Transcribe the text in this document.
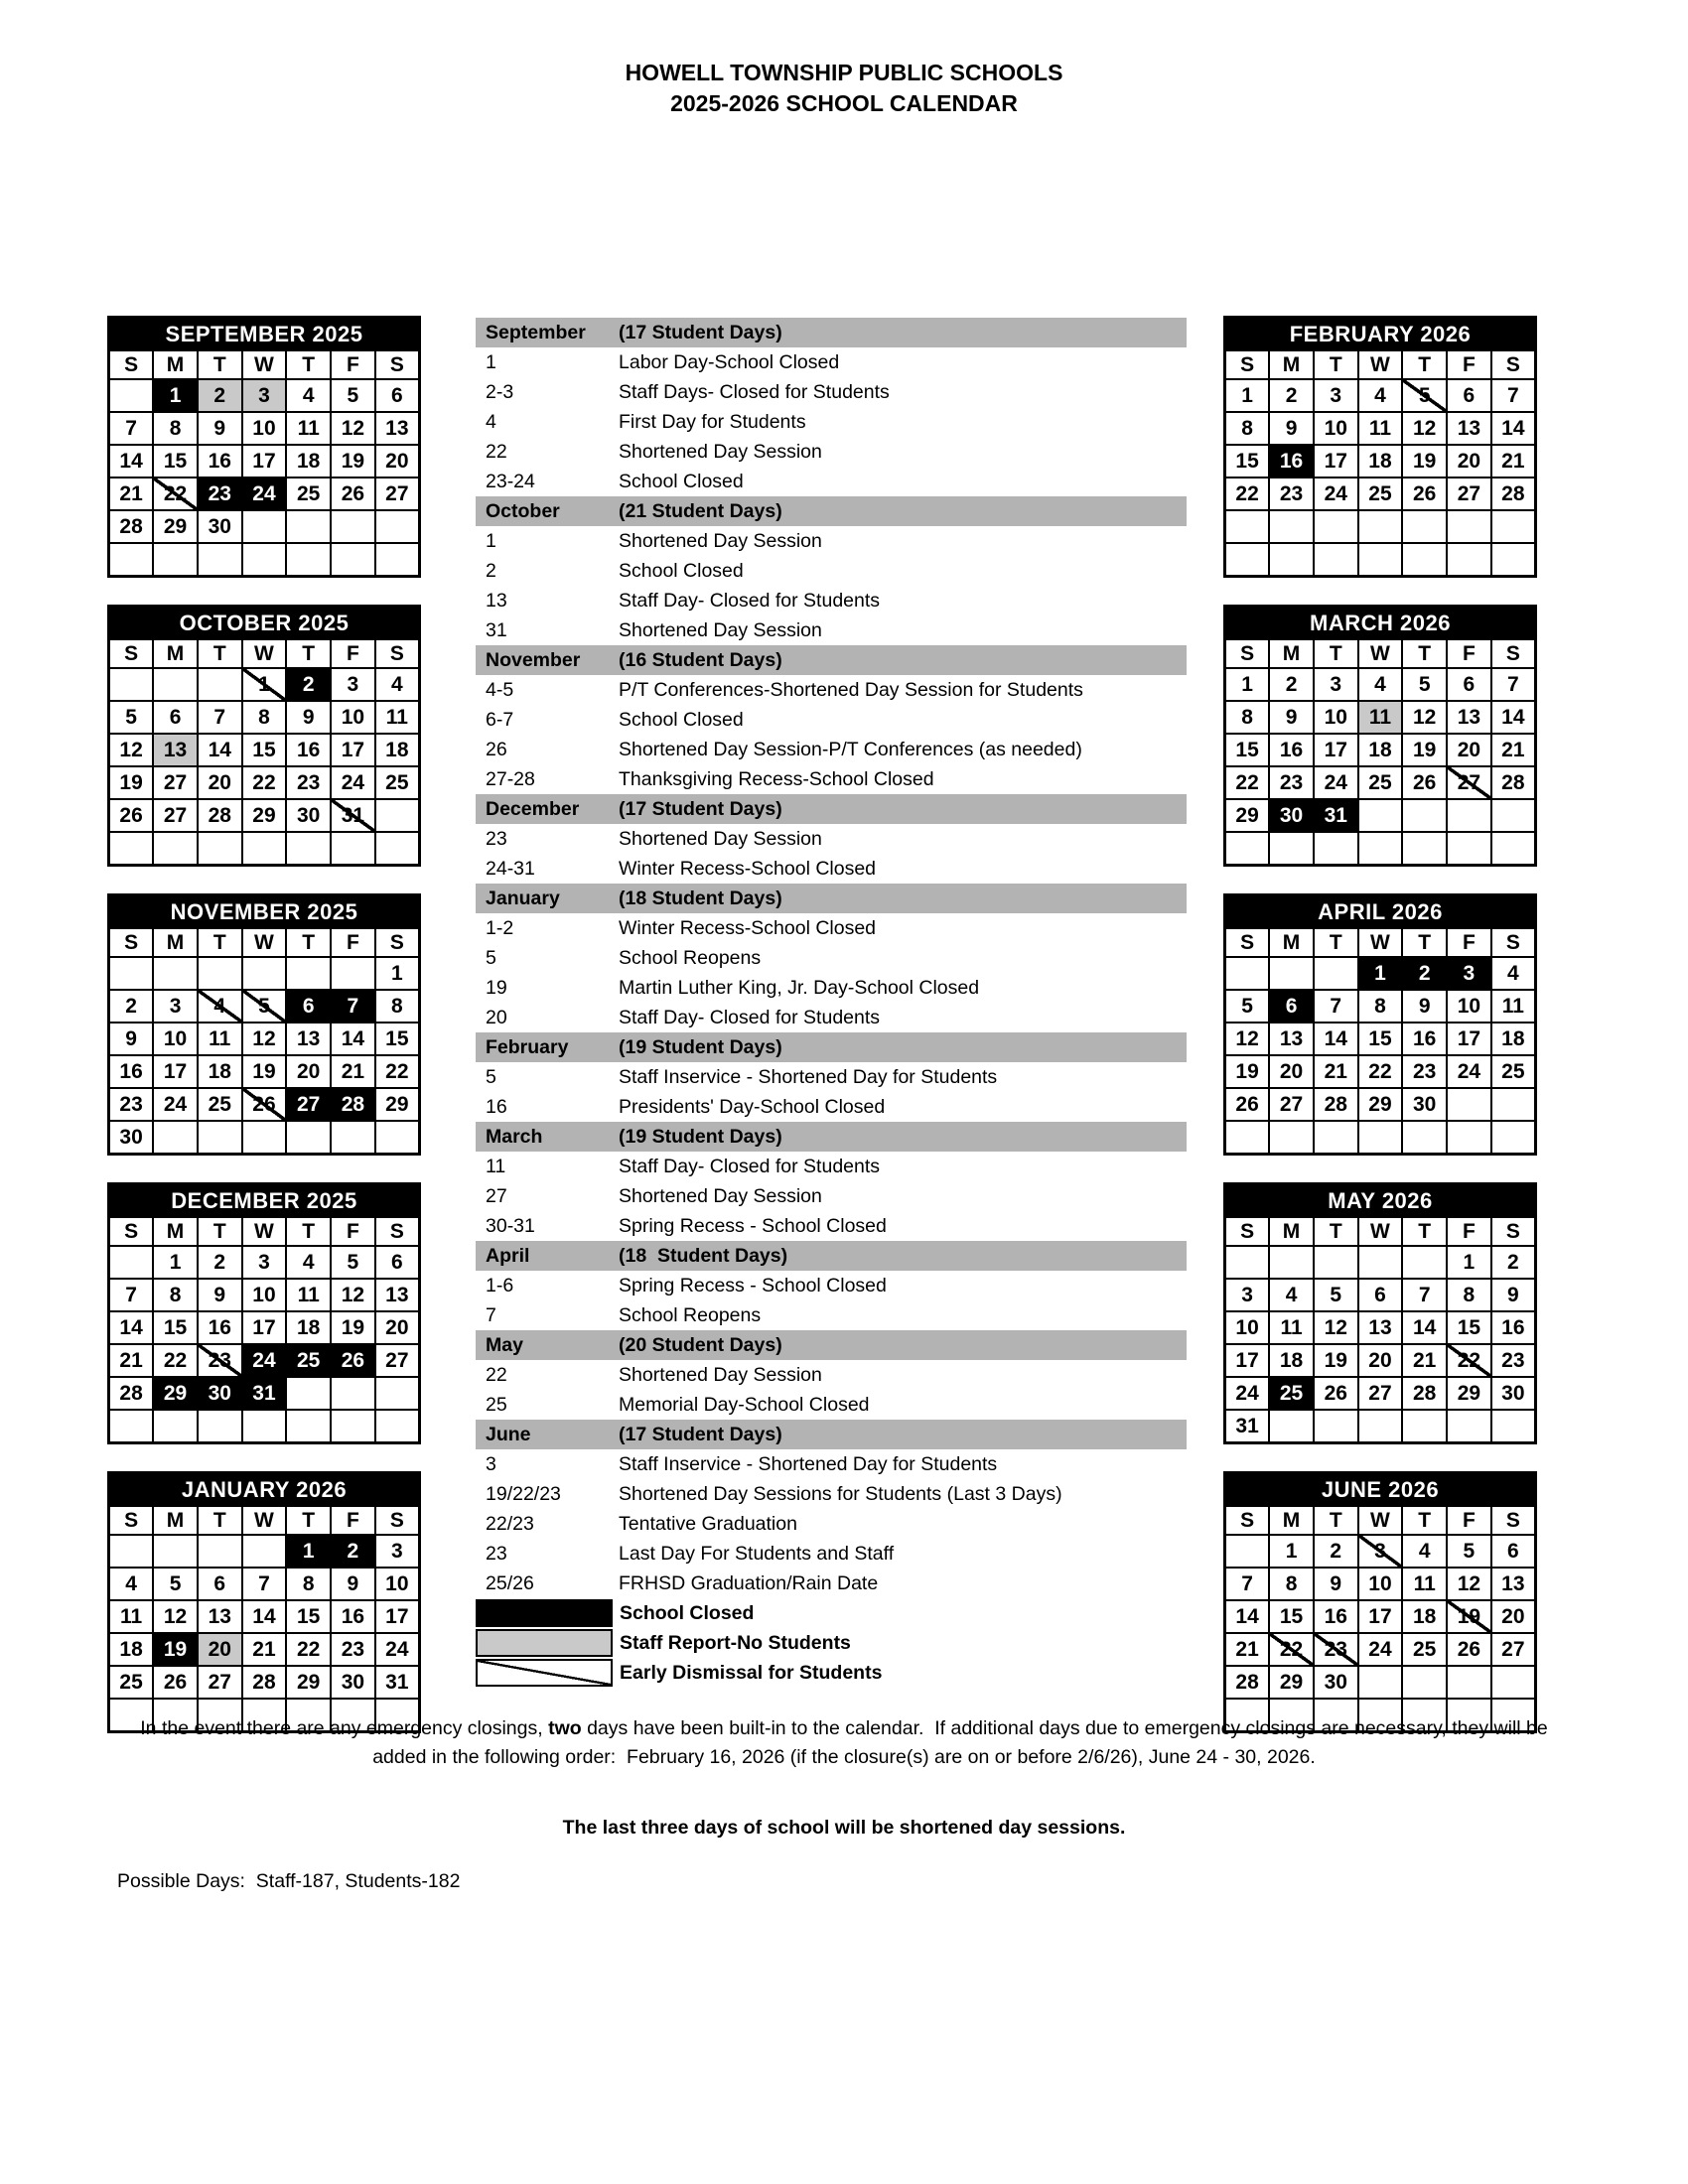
HOWELL TOWNSHIP PUBLIC SCHOOLS
2025-2026 SCHOOL CALENDAR
SEPTEMBER 2025						
S	M	T	W	T	F	S
	1	2	3	4	5	6
7	8	9	10	11	12	13
14	15	16	17	18	19	20
21	22	23	24	25	26	27
28	29	30				

OCTOBER 2025						
S	M	T	W	T	F	S
			1	2	3	4
5	6	7	8	9	10	11
12	13	14	15	16	17	18
19	27	20	22	23	24	25
26	27	28	29	30	31	

NOVEMBER 2025						
S	M	T	W	T	F	S
						1
2	3	4	5	6	7	8
9	10	11	12	13	14	15
16	17	18	19	20	21	22
23	24	25	26	27	28	29
30						
DECEMBER 2025						
S	M	T	W	T	F	S
	1	2	3	4	5	6
7	8	9	10	11	12	13
14	15	16	17	18	19	20
21	22	23	24	25	26	27
28	29	30	31			

JANUARY 2026						
S	M	T	W	T	F	S
				1	2	3
4	5	6	7	8	9	10
11	12	13	14	15	16	17
18	19	20	21	22	23	24
25	26	27	28	29	30	31

September	(17 Student Days)
1	Labor Day-School Closed
2-3	Staff Days- Closed for Students
4	First Day for Students
22	Shortened Day Session
23-24	School Closed
October	(21 Student Days)
1	Shortened Day Session
2	School Closed
13	Staff Day- Closed for Students
31	Shortened Day Session
November	(16 Student Days)
4-5	P/T Conferences-Shortened Day Session for Students
6-7	School Closed
26	Shortened Day Session-P/T Conferences (as needed)
27-28	Thanksgiving Recess-School Closed
December	(17 Student Days)
23	Shortened Day Session
24-31	Winter Recess-School Closed
January	(18 Student Days)
1-2	Winter Recess-School Closed
5	School Reopens
19	Martin Luther King, Jr. Day-School Closed
20	Staff Day- Closed for Students
February	(19 Student Days)
5	Staff Inservice - Shortened Day for Students
16	Presidents' Day-School Closed
March	(19 Student Days)
11	Staff Day- Closed for Students
27	Shortened Day Session
30-31	Spring Recess - School Closed
April	(18  Student Days)
1-6	Spring Recess - School Closed
7	School Reopens
May	(20 Student Days)
22	Shortened Day Session
25	Memorial Day-School Closed
June	(17 Student Days)
3	Staff Inservice - Shortened Day for Students
19/22/23	Shortened Day Sessions for Students (Last 3 Days)
22/23	Tentative Graduation
23	Last Day For Students and Staff
25/26	FRHSD Graduation/Rain Date
School Closed
Staff Report-No Students
Early Dismissal for Students
FEBRUARY 2026						
S	M	T	W	T	F	S
1	2	3	4	5	6	7
8	9	10	11	12	13	14
15	16	17	18	19	20	21
22	23	24	25	26	27	28

MARCH 2026						
S	M	T	W	T	F	S
1	2	3	4	5	6	7
8	9	10	11	12	13	14
15	16	17	18	19	20	21
22	23	24	25	26	27	28
29	30	31				

APRIL 2026						
S	M	T	W	T	F	S
			1	2	3	4
5	6	7	8	9	10	11
12	13	14	15	16	17	18
19	20	21	22	23	24	25
26	27	28	29	30		

MAY 2026						
S	M	T	W	T	F	S
					1	2
3	4	5	6	7	8	9
10	11	12	13	14	15	16
17	18	19	20	21	22	23
24	25	26	27	28	29	30
31						
JUNE 2026						
S	M	T	W	T	F	S
	1	2	3	4	5	6
7	8	9	10	11	12	13
14	15	16	17	18	19	20
21	22	23	24	25	26	27
28	29	30				

In the event there are any emergency closings, two days have been built-in to the calendar.  If additional days due to emergency closings are necessary, they will be added in the following order:  February 16, 2026 (if the closure(s) are on or before 2/6/26), June 24 - 30, 2026.
The last three days of school will be shortened day sessions.
Possible Days:  Staff-187, Students-182
